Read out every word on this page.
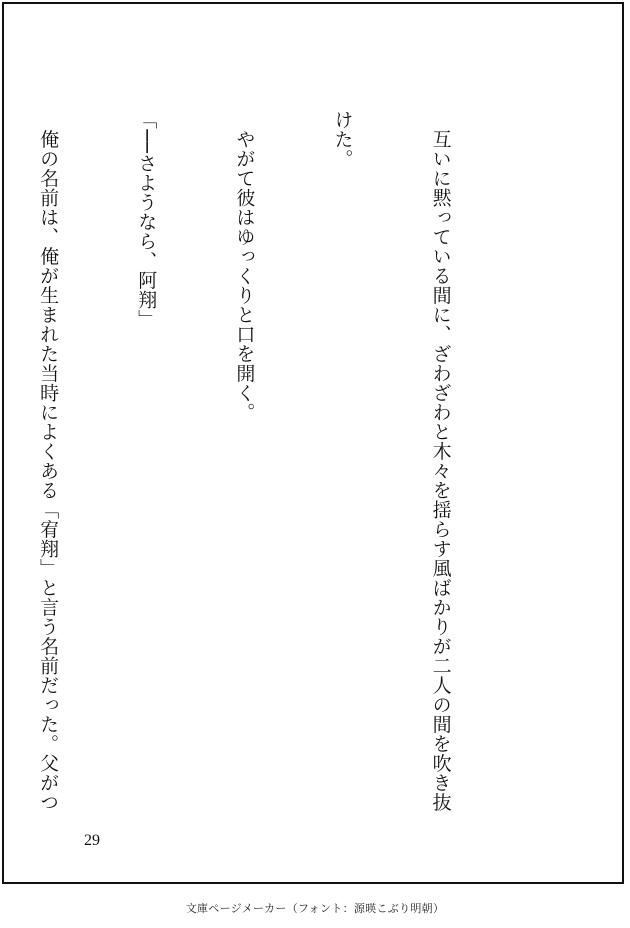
　互いに黙っている間に、ざわざわと木々を揺らす風ばかりが二人の間を吹き抜

けた。

　やがて彼はゆっくりと口を開く。

「──さようなら、阿翔」

　俺の名前は、俺が生まれた当時によくある「宥翔」と言う名前だった。父がつ

29
文庫ページメーカー（フォント：源暎こぶり明朝）
